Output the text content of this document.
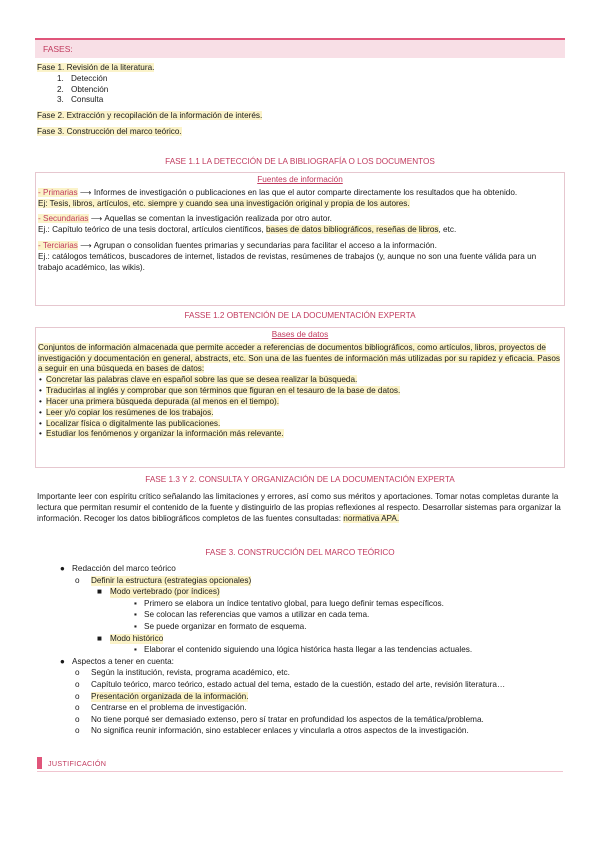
FASES:

Fase 1. Revisión de la literatura.

1. Detección
2. Obtención
3. Consulta

Fase 2. Extracción y recopilación de la información de interés.

Fase 3. Construcción del marco teórico.

FASE 1.1 LA DETECCIÓN DE LA BIBLIOGRAFÍA O LOS DOCUMENTOS
Fuentes de información

- Primarias ⟶ Informes de investigación o publicaciones en las que el autor comparte directamente los resultados que ha obtenido.

Ej: Tesis, libros, artículos, etc. siempre y cuando sea una investigación original y propia de los autores.

- Secundarias ⟶ Aquellas se comentan la investigación realizada por otro autor.

Ej.: Capítulo teórico de una tesis doctoral, artículos científicos, bases de datos bibliográficos, reseñas de libros, etc.

- Terciarias ⟶ Agrupan o consolidan fuentes primarias y secundarias para facilitar el acceso a la información.

Ej.: catálogos temáticos, buscadores de internet, listados de revistas, resúmenes de trabajos (y, aunque no son una fuente válida para un trabajo académico, las wikis).

FASSE 1.2 OBTENCIÓN DE LA DOCUMENTACIÓN EXPERTA
Bases de datos

Conjuntos de información almacenada que permite acceder a referencias de documentos bibliográficos, como artículos, libros, proyectos de investigación y documentación en general, abstracts, etc. Son una de las fuentes de información más utilizadas por su rapidez y eficacia. Pasos a seguir en una búsqueda en bases de datos:

• Concretar las palabras clave en español sobre las que se desea realizar la búsqueda.

• Traducirlas al inglés y comprobar que son términos que figuran en el tesauro de la base de datos.

• Hacer una primera búsqueda depurada (al menos en el tiempo).

• Leer y/o copiar los resúmenes de los trabajos.

• Localizar física o digitalmente las publicaciones.

• Estudiar los fenómenos y organizar la información más relevante.

FASE 1.3 Y 2. CONSULTA Y ORGANIZACIÓN DE LA DOCUMENTACIÓN EXPERTA
Importante leer con espíritu crítico señalando las limitaciones y errores, así como sus méritos y aportaciones. Tomar notas completas durante la lectura que permitan resumir el contenido de la fuente y distinguirlo de las propias reflexiones al respecto. Desarrollar sistemas para organizar la información. Recoger los datos bibliográficos completos de las fuentes consultadas: normativa APA.
FASE 3. CONSTRUCCIÓN DEL MARCO TEÓRICO
● Redacción del marco teórico
o Definir la estructura (estrategias opcionales)
■ Modo vertebrado (por índices)
▪ Primero se elabora un índice tentativo global, para luego definir temas específicos.
▪ Se colocan las referencias que vamos a utilizar en cada tema.
▪ Se puede organizar en formato de esquema.
■ Modo histórico
▪ Elaborar el contenido siguiendo una lógica histórica hasta llegar a las tendencias actuales.
● Aspectos a tener en cuenta:
o Según la institución, revista, programa académico, etc.
o Capítulo teórico, marco teórico, estado actual del tema, estado de la cuestión, estado del arte, revisión literatura…
o Presentación organizada de la información.
o Centrarse en el problema de investigación.
o No tiene porqué ser demasiado extenso, pero sí tratar en profundidad los aspectos de la temática/problema.
o No significa reunir información, sino establecer enlaces y vincularla a otros aspectos de la investigación.
JUSTIFICACIÓN
